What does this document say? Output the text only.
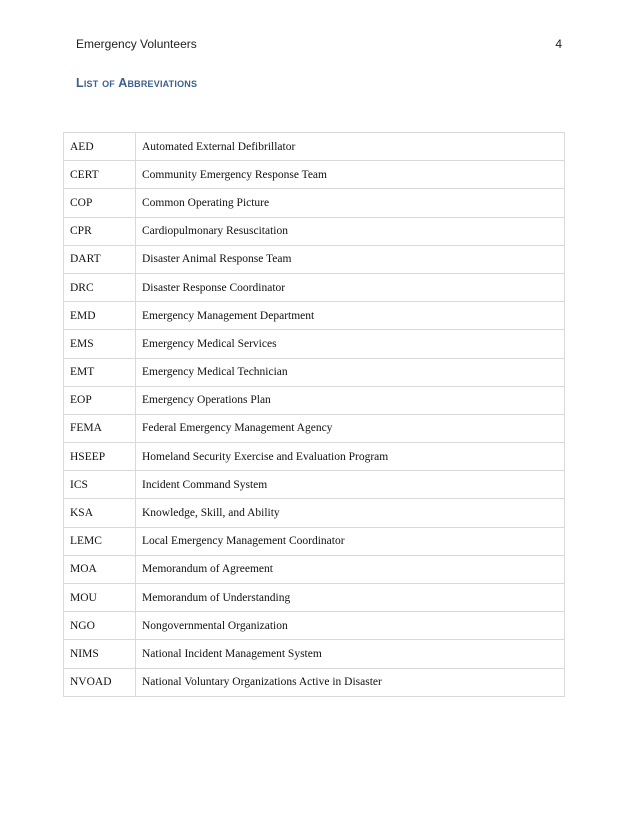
Emergency Volunteers	4
List of Abbreviations
AED	Automated External Defibrillator
CERT	Community Emergency Response Team
COP	Common Operating Picture
CPR	Cardiopulmonary Resuscitation
DART	Disaster Animal Response Team
DRC	Disaster Response Coordinator
EMD	Emergency Management Department
EMS	Emergency Medical Services
EMT	Emergency Medical Technician
EOP	Emergency Operations Plan
FEMA	Federal Emergency Management Agency
HSEEP	Homeland Security Exercise and Evaluation Program
ICS	Incident Command System
KSA	Knowledge, Skill, and Ability
LEMC	Local Emergency Management Coordinator
MOA	Memorandum of Agreement
MOU	Memorandum of Understanding
NGO	Nongovernmental Organization
NIMS	National Incident Management System
NVOAD	National Voluntary Organizations Active in Disaster
